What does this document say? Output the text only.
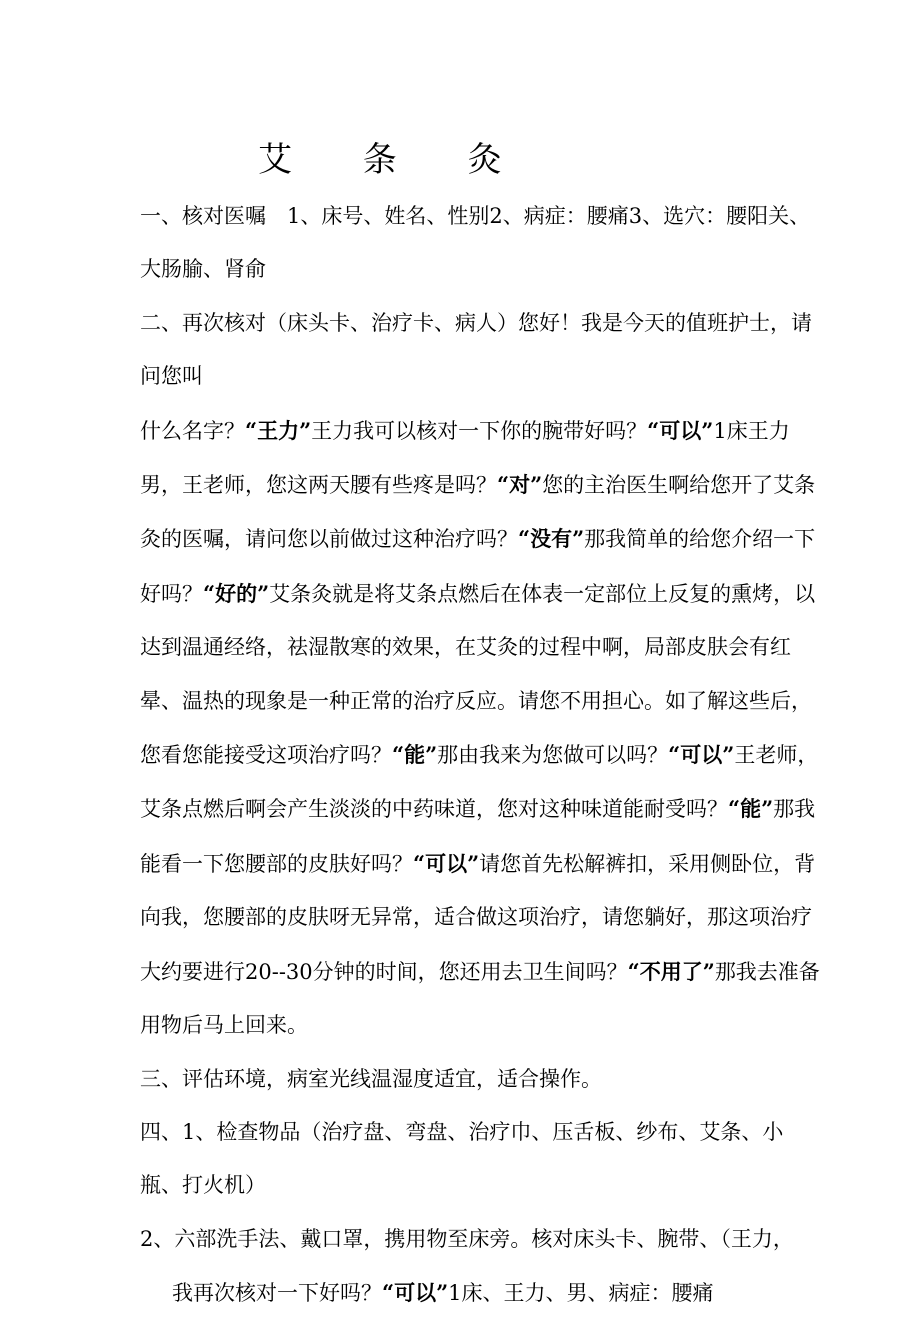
艾 条 灸

一、核对医嘱　1、床号、姓名、性别2、病症：腰痛3、选穴：腰阳关、大肠腧、肾俞

二、再次核对（床头卡、治疗卡、病人）您好！我是今天的值班护士，请问您叫

什么名字？“王力”王力我可以核对一下你的腕带好吗？“可以”1床王力男，王老师，您这两天腰有些疼是吗？“对”您的主治医生啊给您开了艾条灸的医嘱，请问您以前做过这种治疗吗？“没有”那我简单的给您介绍一下好吗？“好的”艾条灸就是将艾条点燃后在体表一定部位上反复的熏烤，以达到温通经络，祛湿散寒的效果，在艾灸的过程中啊，局部皮肤会有红晕、温热的现象是一种正常的治疗反应。请您不用担心。如了解这些后，您看您能接受这项治疗吗？“能”那由我来为您做可以吗？“可以”王老师，艾条点燃后啊会产生淡淡的中药味道，您对这种味道能耐受吗？“能”那我能看一下您腰部的皮肤好吗？“可以”请您首先松解裤扣，采用侧卧位，背向我，您腰部的皮肤呀无异常，适合做这项治疗，请您躺好，那这项治疗大约要进行20--30分钟的时间，您还用去卫生间吗？“不用了”那我去准备用物后马上回来。

三、评估环境，病室光线温湿度适宜，适合操作。

四、1、检查物品（治疗盘、弯盘、治疗巾、压舌板、纱布、艾条、小瓶、打火机）

2、六部洗手法、戴口罩，携用物至床旁。核对床头卡、腕带、（王力，

我再次核对一下好吗？“可以”1床、王力、男、病症：腰痛
